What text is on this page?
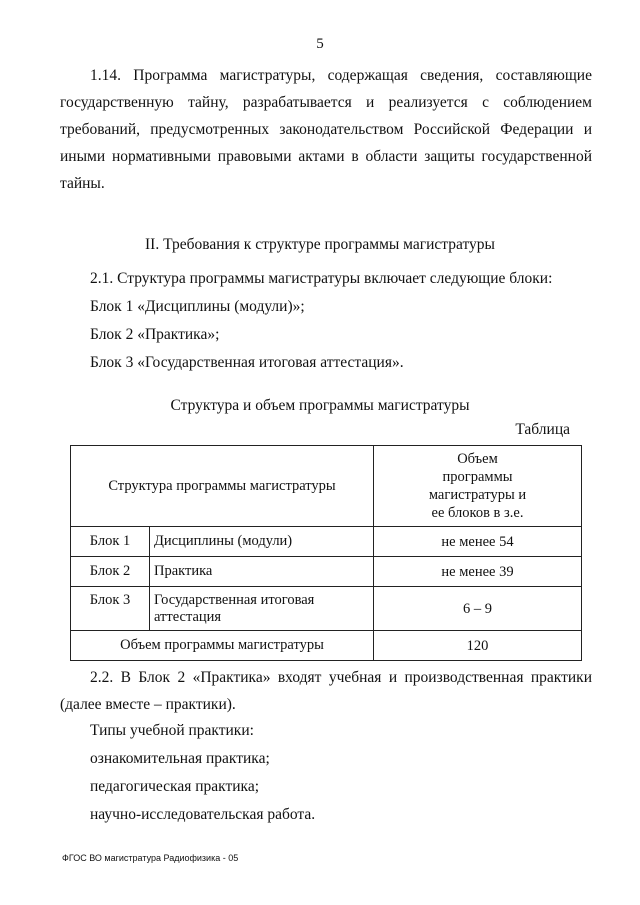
5

1.14. Программа магистратуры, содержащая сведения, составляющие государственную тайну, разрабатывается и реализуется с соблюдением требований, предусмотренных законодательством Российской Федерации и иными нормативными правовыми актами в области защиты государственной тайны.

II. Требования к структуре программы магистратуры

2.1. Структура программы магистратуры включает следующие блоки:

Блок 1 «Дисциплины (модули)»;

Блок 2 «Практика»;

Блок 3 «Государственная итоговая аттестация».

Структура и объем программы магистратуры

Таблица

Структура программы магистратуры		Объем программы магистратуры и ее блоков в з.е.
Блок 1	Дисциплины (модули)	не менее 54
Блок 2	Практика	не менее 39
Блок 3	Государственная итоговая аттестация	6 – 9
Объем программы магистратуры		120

2.2. В Блок 2 «Практика» входят учебная и производственная практики (далее вместе – практики).

Типы учебной практики:

ознакомительная практика;

педагогическая практика;

научно-исследовательская работа.

ФГОС ВО магистратура Радиофизика - 05
